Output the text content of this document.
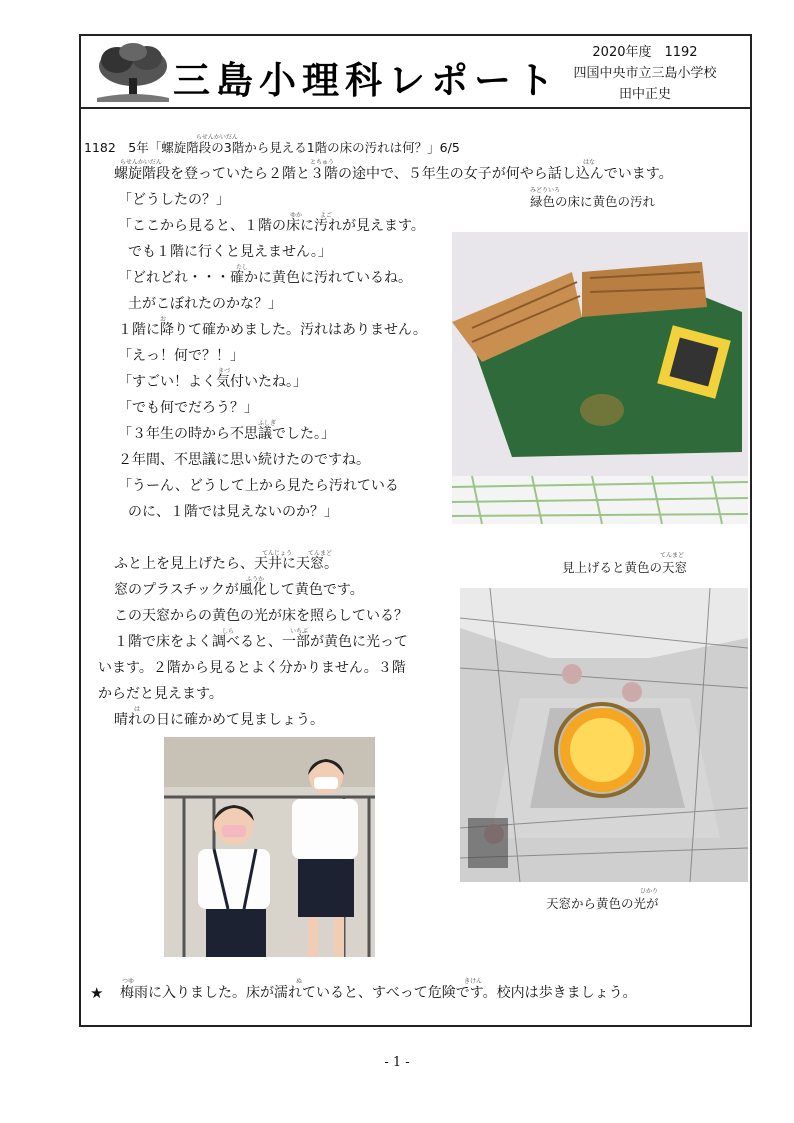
三島小理科レポート
2020年度　1192
四国中央市立三島小学校
田中正史
1182　5年「螺旋階段の3階から見える1階の床の汚れは何？」6/5
らせんかいだん
螺旋階段を登っていたら２階と３階の途中で、５年生の女子が何やら話し込んでいます。
らせんかいだん	とちゅう	はな
「どうしたの？」
「ここから見ると、１階の床に汚れが見えます。
ゆか	よご
でも１階に行くと見えません。」
「どれどれ・・・確かに黄色に汚れているね。
たし
土がこぼれたのかな？」
１階に降りて確かめました。汚れはありません。
お
「えっ！何で？！」
「すごい！よく気付いたね。」
きづ
「でも何でだろう？」
「３年生の時から不思議でした。」
ふしぎ
２年間、不思議に思い続けたのですね。
「うーん、どうして上から見たら汚れている
のに、１階では見えないのか？」
ふと上を見上げたら、天井に天窓。
てんじょう	てんまど
窓のプラスチックが風化して黄色です。
ふうか
この天窓からの黄色の光が床を照らしている？
１階で床をよく調べると、一部が黄色に光って
しら	いちぶ
います。２階から見るとよく分かりません。３階
からだと見えます。
晴れの日に確かめて見ましょう。
は
緑色の床に黄色の汚れ
みどりいろ
見上げると黄色の天窓
てんまど
天窓から黄色の光が
ひかり
★ 梅雨に入りました。床が濡れていると、すべって危険です。校内は歩きましょう。
つゆ	ぬ	きけん
- 1 -
